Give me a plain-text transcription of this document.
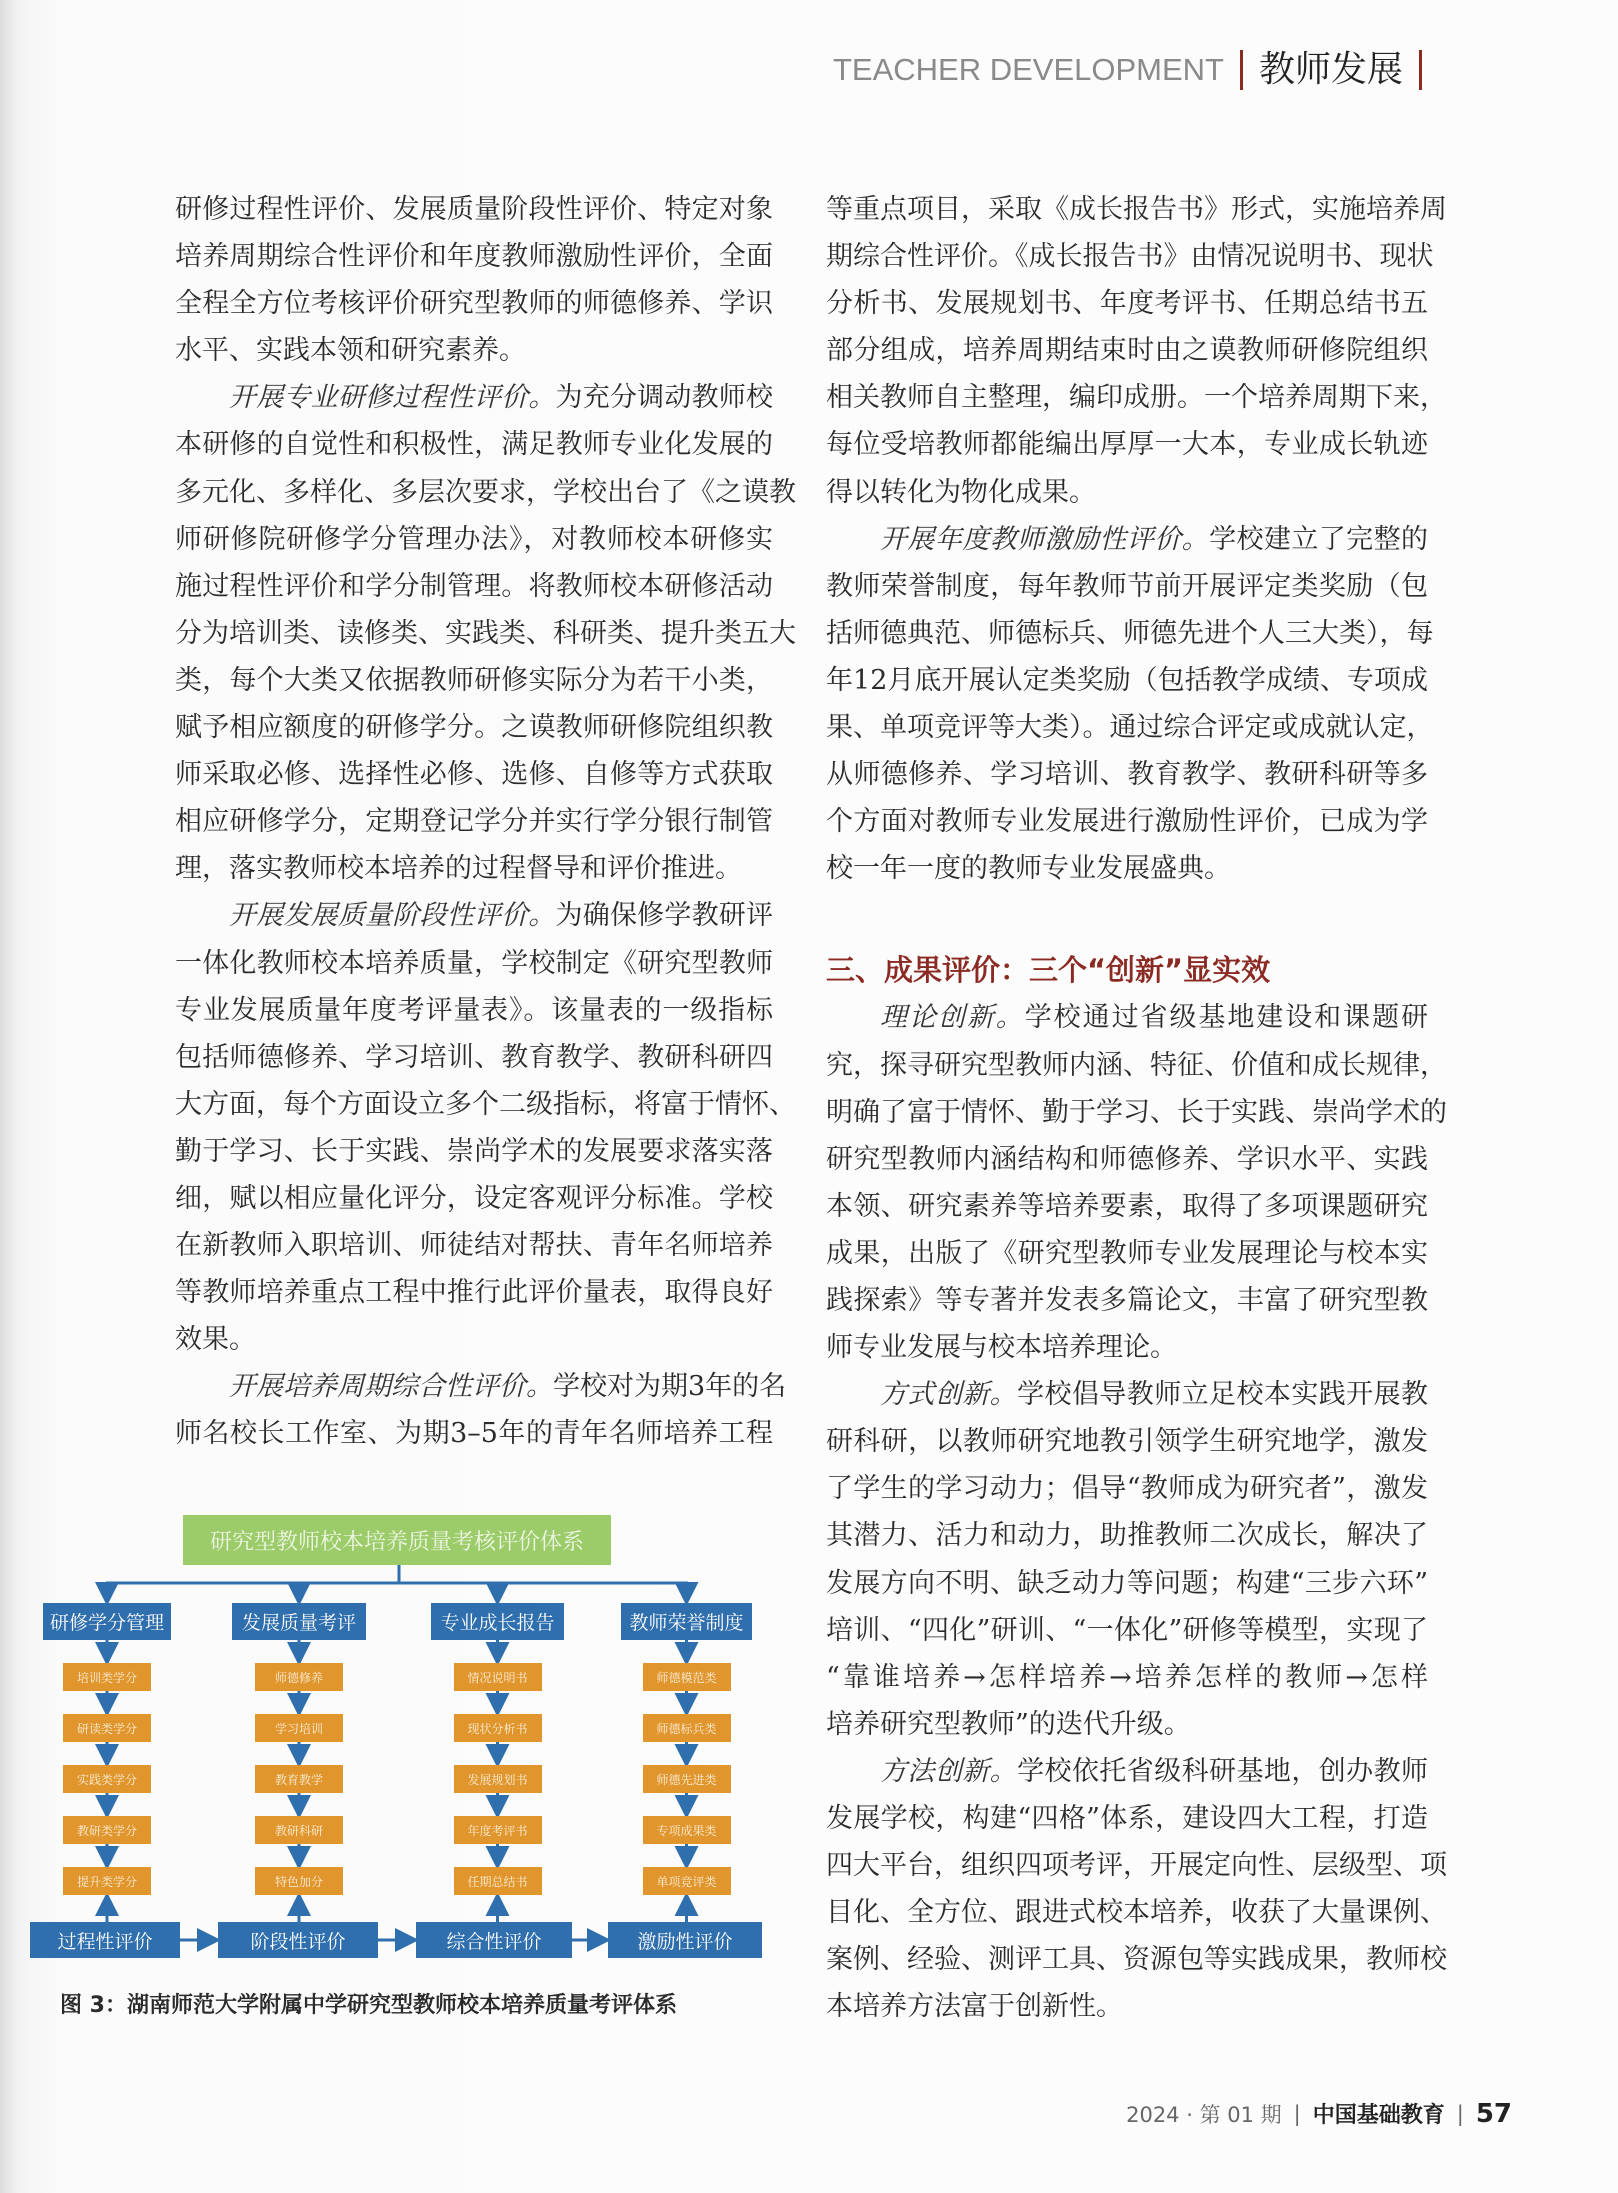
TEACHER DEVELOPMENT 教师发展
研修过程性评价、发展质量阶段性评价、特定对象
培养周期综合性评价和年度教师激励性评价，全面
全程全方位考核评价研究型教师的师德修养、学识
水平、实践本领和研究素养。
开展专业研修过程性评价。为充分调动教师校
本研修的自觉性和积极性，满足教师专业化发展的
多元化、多样化、多层次要求，学校出台了《之谟教
师研修院研修学分管理办法》，对教师校本研修实
施过程性评价和学分制管理。将教师校本研修活动
分为培训类、读修类、实践类、科研类、提升类五大
类，每个大类又依据教师研修实际分为若干小类，
赋予相应额度的研修学分。之谟教师研修院组织教
师采取必修、选择性必修、选修、自修等方式获取
相应研修学分，定期登记学分并实行学分银行制管
理，落实教师校本培养的过程督导和评价推进。
开展发展质量阶段性评价。为确保修学教研评
一体化教师校本培养质量，学校制定《研究型教师
专业发展质量年度考评量表》。该量表的一级指标
包括师德修养、学习培训、教育教学、教研科研四
大方面，每个方面设立多个二级指标，将富于情怀、
勤于学习、长于实践、崇尚学术的发展要求落实落
细，赋以相应量化评分，设定客观评分标准。学校
在新教师入职培训、师徒结对帮扶、青年名师培养
等教师培养重点工程中推行此评价量表，取得良好
效果。
开展培养周期综合性评价。学校对为期3年的名
师名校长工作室、为期3–5年的青年名师培养工程
等重点项目，采取《成长报告书》形式，实施培养周
期综合性评价。《成长报告书》由情况说明书、现状
分析书、发展规划书、年度考评书、任期总结书五
部分组成，培养周期结束时由之谟教师研修院组织
相关教师自主整理，编印成册。一个培养周期下来，
每位受培教师都能编出厚厚一大本，专业成长轨迹
得以转化为物化成果。
开展年度教师激励性评价。学校建立了完整的
教师荣誉制度，每年教师节前开展评定类奖励（包
括师德典范、师德标兵、师德先进个人三大类），每
年12月底开展认定类奖励（包括教学成绩、专项成
果、单项竞评等大类）。通过综合评定或成就认定，
从师德修养、学习培训、教育教学、教研科研等多
个方面对教师专业发展进行激励性评价，已成为学
校一年一度的教师专业发展盛典。
三、成果评价：三个“创新”显实效
理论创新。学校通过省级基地建设和课题研
究，探寻研究型教师内涵、特征、价值和成长规律，
明确了富于情怀、勤于学习、长于实践、崇尚学术的
研究型教师内涵结构和师德修养、学识水平、实践
本领、研究素养等培养要素，取得了多项课题研究
成果，出版了《研究型教师专业发展理论与校本实
践探索》等专著并发表多篇论文，丰富了研究型教
师专业发展与校本培养理论。
方式创新。学校倡导教师立足校本实践开展教
研科研，以教师研究地教引领学生研究地学，激发
了学生的学习动力；倡导“教师成为研究者”，激发
其潜力、活力和动力，助推教师二次成长，解决了
发展方向不明、缺乏动力等问题；构建“三步六环”
培训、“四化”研训、“一体化”研修等模型，实现了
“靠谁培养→怎样培养→培养怎样的教师→怎样
培养研究型教师”的迭代升级。
方法创新。学校依托省级科研基地，创办教师
发展学校，构建“四格”体系，建设四大工程，打造
四大平台，组织四项考评，开展定向性、层级型、项
目化、全方位、跟进式校本培养，收获了大量课例、
案例、经验、测评工具、资源包等实践成果，教师校
本培养方法富于创新性。
研究型教师校本培养质量考核评价体系
研修学分管理
培训类学分
研读类学分
实践类学分
教研类学分
提升类学分
过程性评价
发展质量考评
师德修养
学习培训
教育教学
教研科研
特色加分
阶段性评价
专业成长报告
情况说明书
现状分析书
发展规划书
年度考评书
任期总结书
综合性评价
教师荣誉制度
师德模范类
师德标兵类
师德先进类
专项成果类
单项竞评类
激励性评价
图 3：湖南师范大学附属中学研究型教师校本培养质量考评体系
2024 · 第 01 期 | 中国基础教育 | 57
